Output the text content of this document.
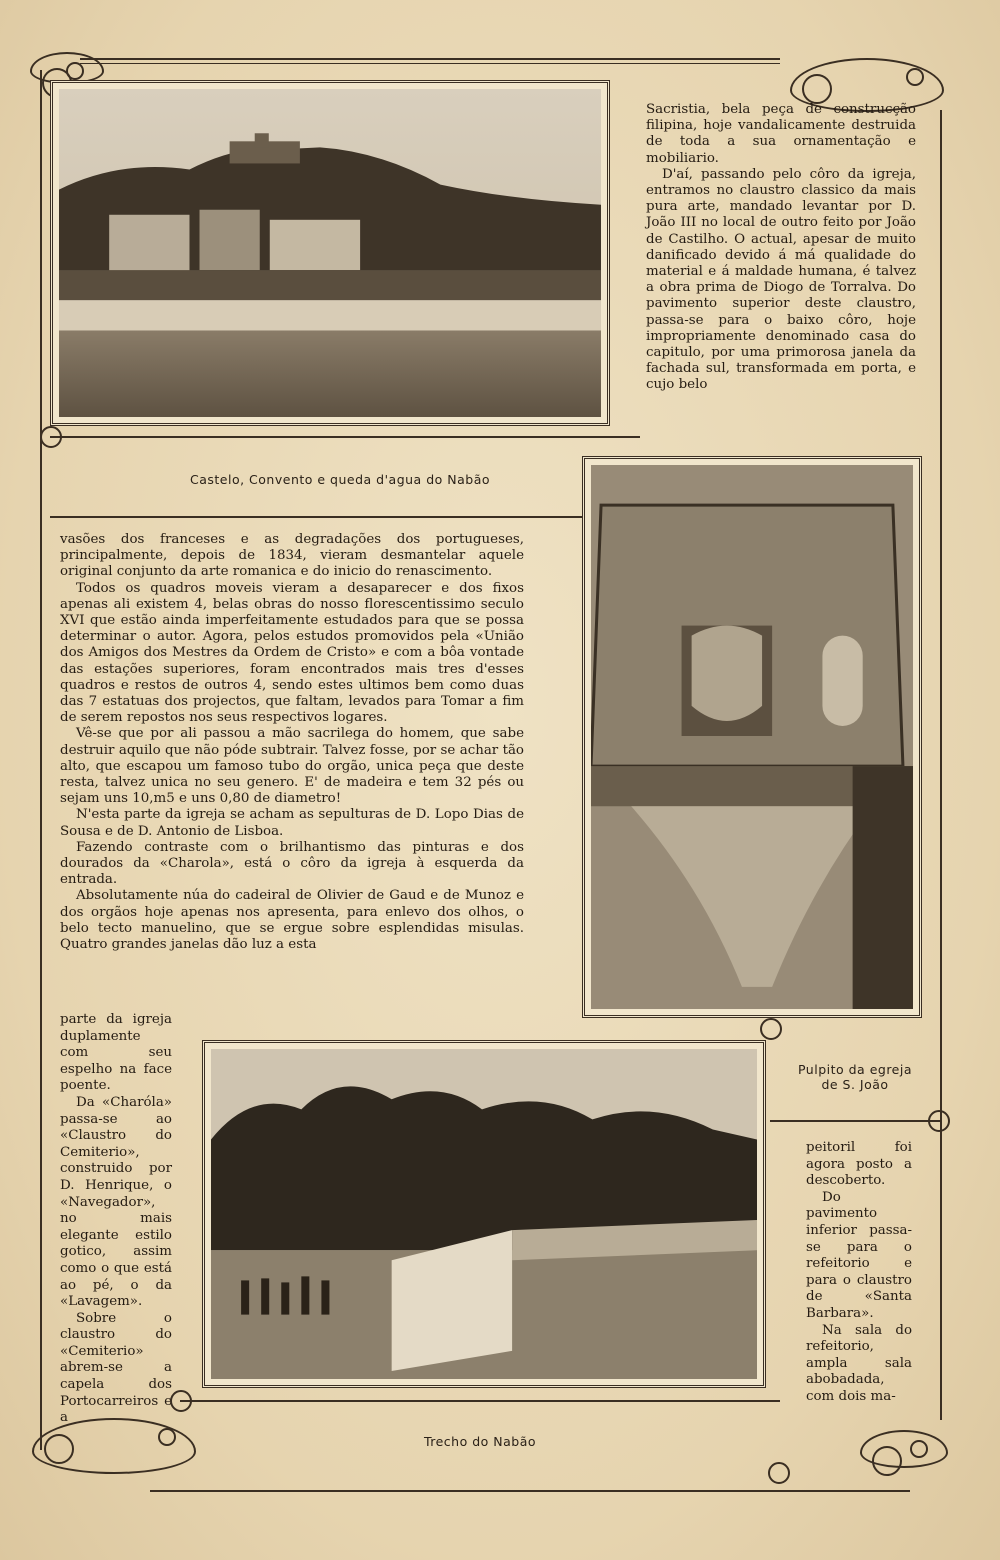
Castelo, Convento e queda d'agua do Nabão

Sacristia, bela peça de construcção filipina, hoje vandalicamente destruida de toda a sua ornamentação e mobiliario.

D'aí, passando pelo côro da igreja, entramos no claustro classico da mais pura arte, mandado levantar por D. João III no local de outro feito por João de Castilho. O actual, apesar de muito danificado devido á má qualidade do material e á maldade humana, é talvez a obra prima de Diogo de Torralva. Do pavimento superior deste claustro, passa-se para o baixo côro, hoje impropriamente denominado casa do capitulo, por uma primorosa janela da fachada sul, transformada em porta, e cujo belo

vasões dos franceses e as degradações dos portugueses, principalmente, depois de 1834, vieram desmantelar aquele original conjunto da arte romanica e do inicio do renascimento.

Todos os quadros moveis vieram a desaparecer e dos fixos apenas ali existem 4, belas obras do nosso florescentissimo seculo XVI que estão ainda imperfeitamente estudados para que se possa determinar o autor. Agora, pelos estudos promovidos pela «União dos Amigos dos Mestres da Ordem de Cristo» e com a bôa vontade das estações superiores, foram encontrados mais tres d'esses quadros e restos de outros 4, sendo estes ultimos bem como duas das 7 estatuas dos projectos, que faltam, levados para Tomar a fim de serem repostos nos seus respectivos logares.

Vê-se que por ali passou a mão sacrilega do homem, que sabe destruir aquilo que não póde subtrair. Talvez fosse, por se achar tão alto, que escapou um famoso tubo do orgão, unica peça que deste resta, talvez unica no seu genero. E' de madeira e tem 32 pés ou sejam uns 10,m5 e uns 0,80 de diametro!

N'esta parte da igreja se acham as sepulturas de D. Lopo Dias de Sousa e de D. Antonio de Lisboa.

Fazendo contraste com o brilhantismo das pinturas e dos dourados da «Charola», está o côro da igreja à esquerda da entrada.

Absolutamente núa do cadeiral de Olivier de Gaud e de Munoz e dos orgãos hoje apenas nos apresenta, para enlevo dos olhos, o belo tecto manuelino, que se ergue sobre esplendidas misulas. Quatro grandes janelas dão luz a esta

parte da igreja duplamente com seu espelho na face poente.

Da «Charóla» passa-se ao «Claustro do Cemiterio», construido por D. Henrique, o «Navegador», no mais elegante estilo gotico, assim como o que está ao pé, o da «Lavagem».

Sobre o claustro do «Cemiterio» abrem-se a capela dos Portocarreiros e a

Pulpito da egreja
de S. João

peitoril foi agora posto a descoberto.

Do pavimento inferior passa-se para o refeitorio e para o claustro de «Santa Barbara».

Na sala do refeitorio, ampla sala abobadada, com dois ma-

Trecho do Nabão
